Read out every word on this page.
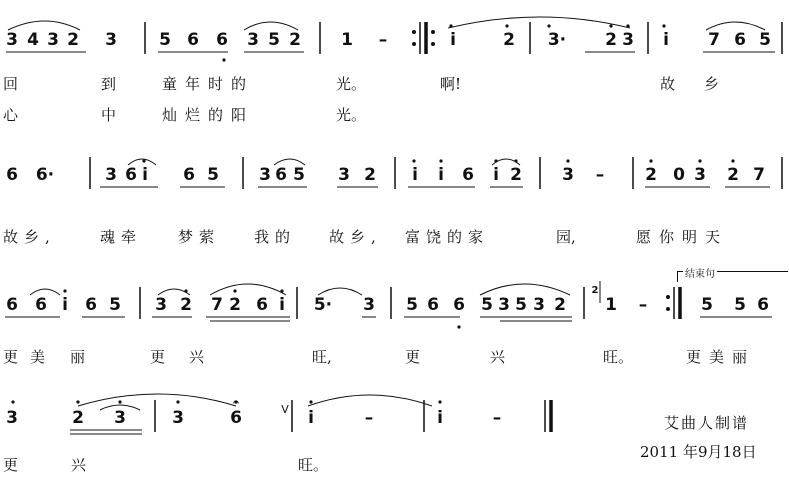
3 4 3 2 3 5 6 6 3 5 2 1 –	i	2 3· 2 3 i 7 6 5
回	到	童年时的	光。	啊!	故 乡
心	中	灿烂的阳	光。
6 6·	3 6 i 6 5 3 6 5 3 2 i i 6 i 2 3 – 2 0 3 2 7
故乡,	魂牵 梦萦 我的 故乡, 富饶的家	园,	愿你明天
6 6 i 6 5 3 2 7 2 6 i 5· 3 5 6 6 5 3 5 3 2 1 –	5 5 6
2
结束句
更美 丽	更兴	旺,	更	兴	旺。	更美丽
3	2 3	3	6
𝄐
V i	–	i	–
更	兴	旺。
艾曲人制谱
2011 年9月18日
